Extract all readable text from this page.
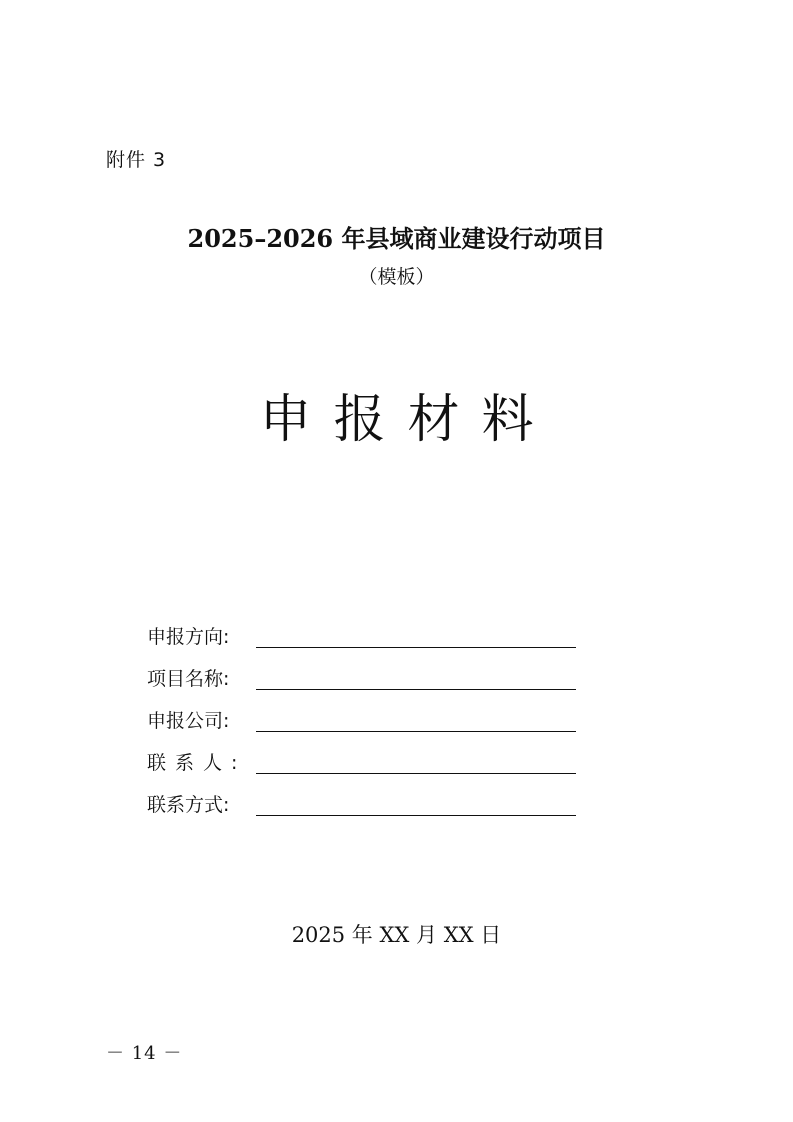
附件 3
2025–2026 年县域商业建设行动项目
（模板）
申报材料
申报方向:
项目名称:
申报公司:
联系人:
联系方式:
2025 年 XX 月 XX 日
－ 14 －
